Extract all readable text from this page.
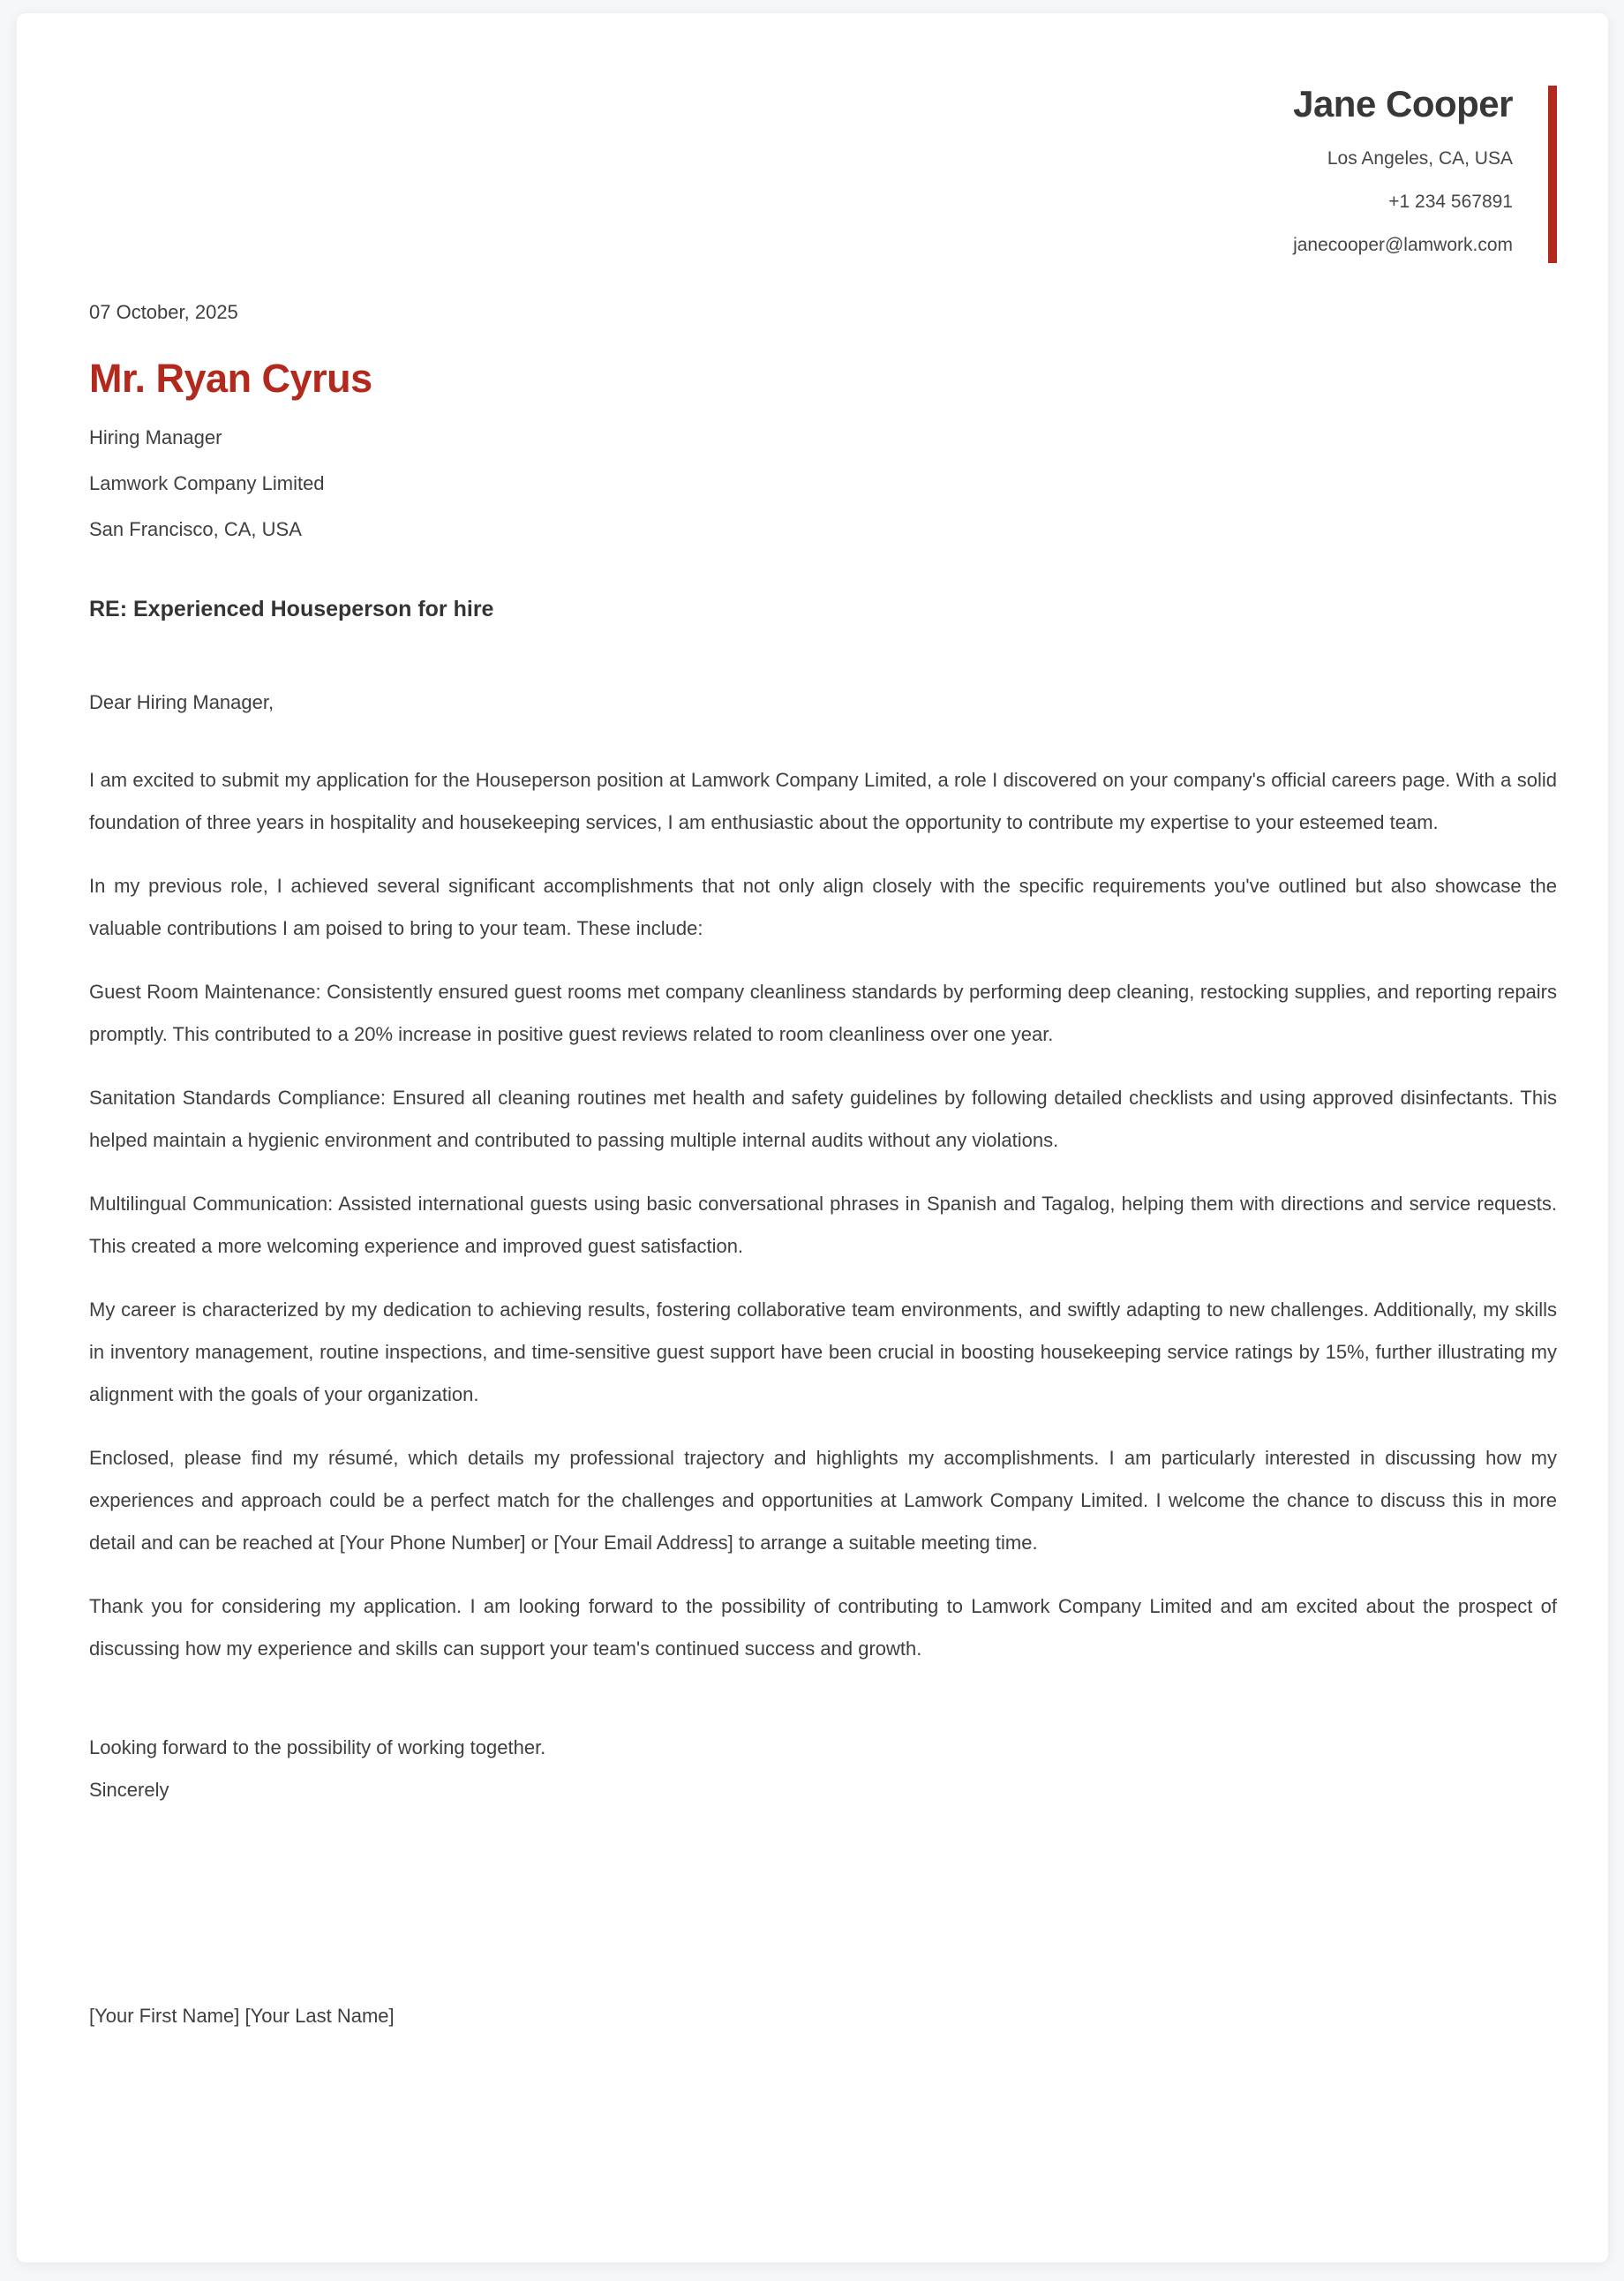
Jane Cooper
Los Angeles, CA, USA
+1 234 567891
janecooper@lamwork.com
07 October, 2025
Mr. Ryan Cyrus
Hiring Manager
Lamwork Company Limited
San Francisco, CA, USA
RE: Experienced Houseperson for hire
Dear Hiring Manager,

I am excited to submit my application for the Houseperson position at Lamwork Company Limited, a role I discovered on your company's official careers page. With a solid foundation of three years in hospitality and housekeeping services, I am enthusiastic about the opportunity to contribute my expertise to your esteemed team.

In my previous role, I achieved several significant accomplishments that not only align closely with the specific requirements you've outlined but also showcase the valuable contributions I am poised to bring to your team. These include:

Guest Room Maintenance: Consistently ensured guest rooms met company cleanliness standards by performing deep cleaning, restocking supplies, and reporting repairs promptly. This contributed to a 20% increase in positive guest reviews related to room cleanliness over one year.

Sanitation Standards Compliance: Ensured all cleaning routines met health and safety guidelines by following detailed checklists and using approved disinfectants. This helped maintain a hygienic environment and contributed to passing multiple internal audits without any violations.

Multilingual Communication: Assisted international guests using basic conversational phrases in Spanish and Tagalog, helping them with directions and service requests. This created a more welcoming experience and improved guest satisfaction.

My career is characterized by my dedication to achieving results, fostering collaborative team environments, and swiftly adapting to new challenges. Additionally, my skills in inventory management, routine inspections, and time-sensitive guest support have been crucial in boosting housekeeping service ratings by 15%, further illustrating my alignment with the goals of your organization.

Enclosed, please find my résumé, which details my professional trajectory and highlights my accomplishments. I am particularly interested in discussing how my experiences and approach could be a perfect match for the challenges and opportunities at Lamwork Company Limited. I welcome the chance to discuss this in more detail and can be reached at [Your Phone Number] or [Your Email Address] to arrange a suitable meeting time.

Thank you for considering my application. I am looking forward to the possibility of contributing to Lamwork Company Limited and am excited about the prospect of discussing how my experience and skills can support your team's continued success and growth.

Looking forward to the possibility of working together.
Sincerely
[Your First Name] [Your Last Name]
